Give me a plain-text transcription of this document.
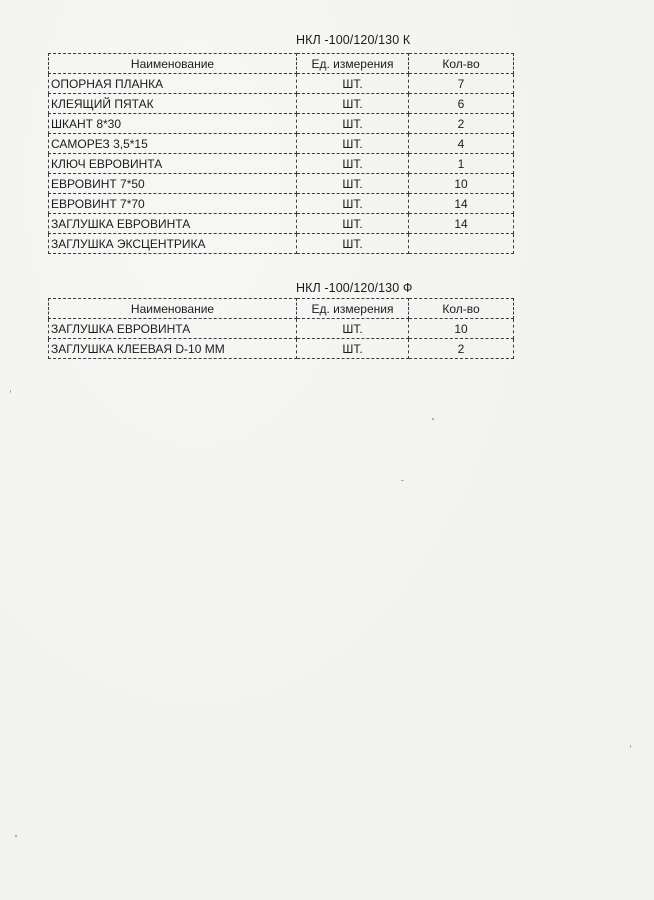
НКЛ -100/120/130 К
Наименование	Ед. измерения	Кол-во
ОПОРНАЯ ПЛАНКА	ШТ.	7
КЛЕЯЩИЙ ПЯТАК	ШТ.	6
ШКАНТ 8*30	ШТ.	2
САМОРЕЗ 3,5*15	ШТ.	4
КЛЮЧ ЕВРОВИНТА	ШТ.	1
ЕВРОВИНТ 7*50	ШТ.	10
ЕВРОВИНТ 7*70	ШТ.	14
ЗАГЛУШКА ЕВРОВИНТА	ШТ.	14
ЗАГЛУШКА ЭКСЦЕНТРИКА	ШТ.	
НКЛ -100/120/130 Ф
Наименование	Ед. измерения	Кол-во
ЗАГЛУШКА ЕВРОВИНТА	ШТ.	10
ЗАГЛУШКА КЛЕЕВАЯ D-10 ММ	ШТ.	2
